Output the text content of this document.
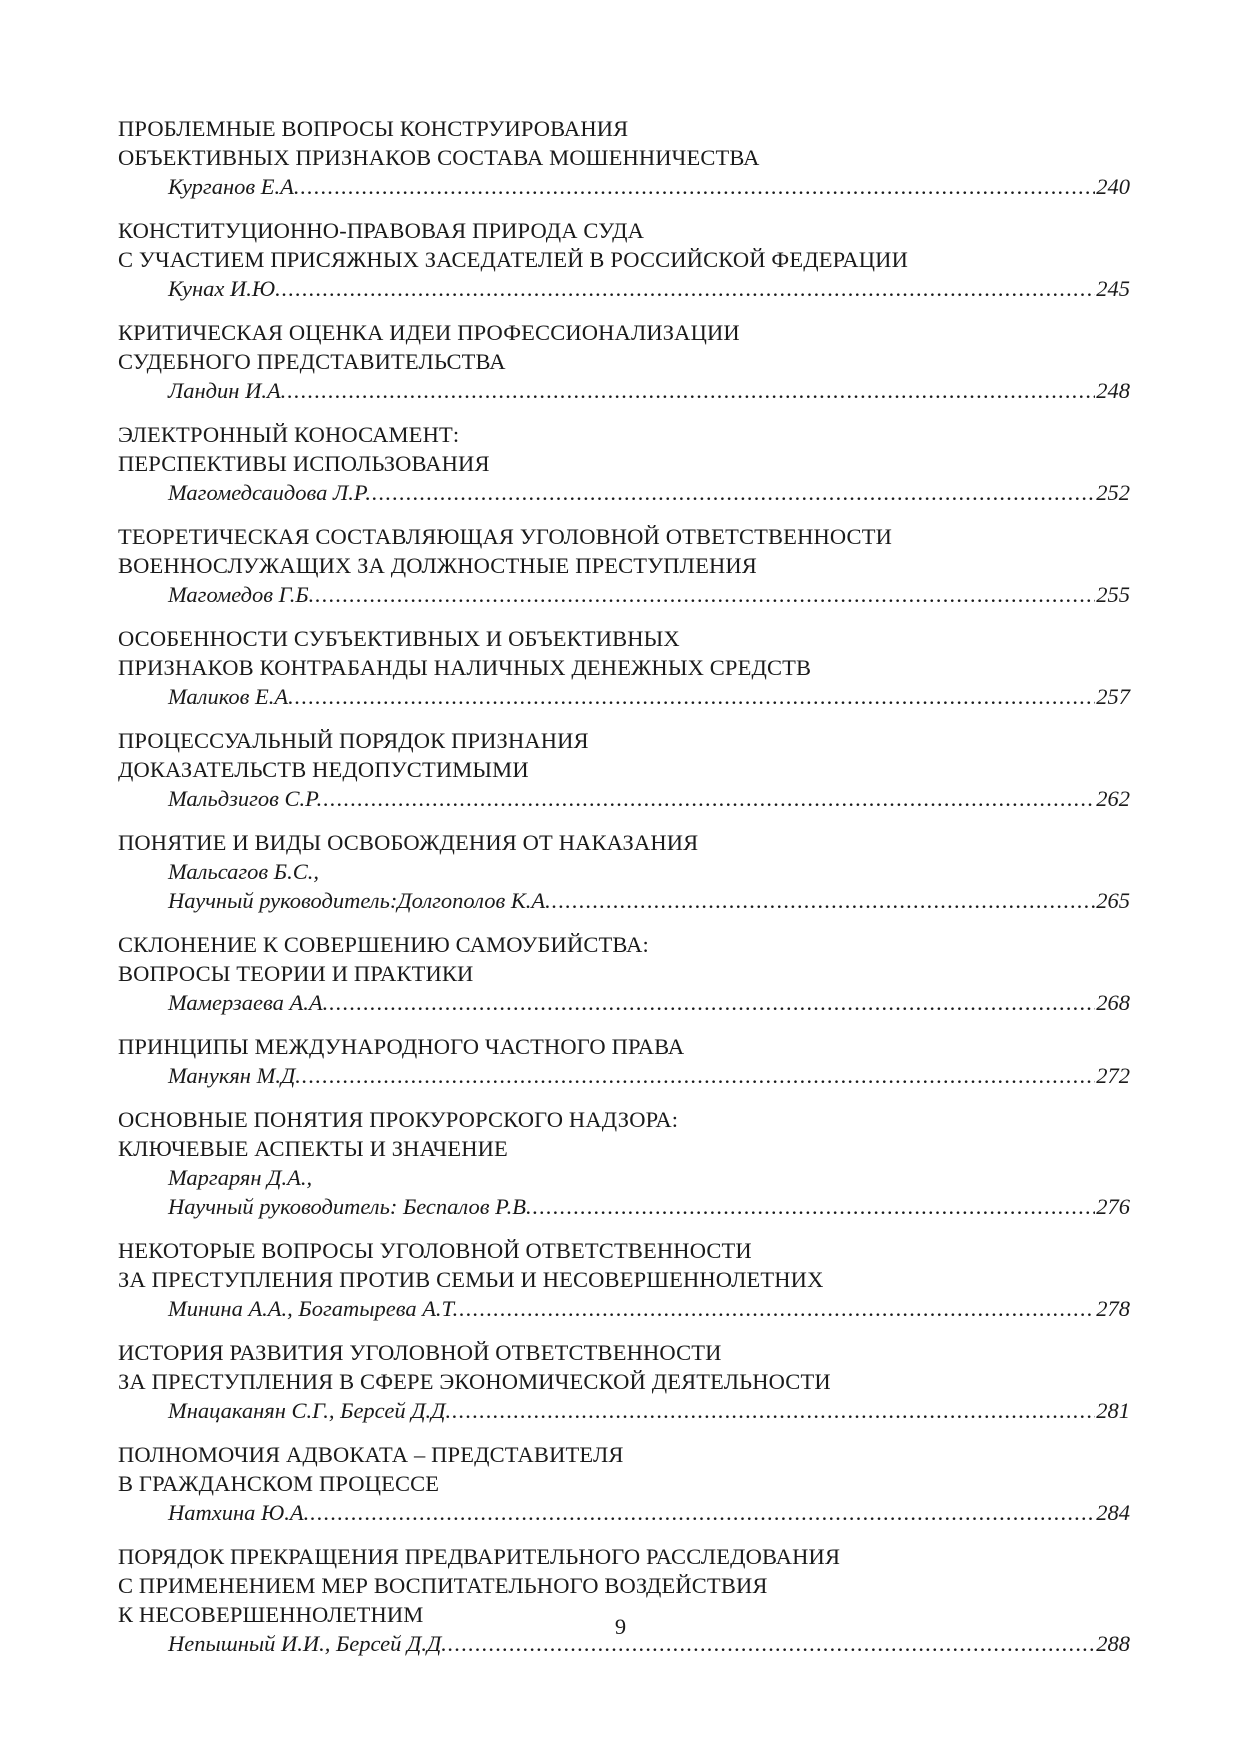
ПРОБЛЕМНЫЕ ВОПРОСЫ КОНСТРУИРОВАНИЯ
ОБЪЕКТИВНЫХ ПРИЗНАКОВ СОСТАВА МОШЕННИЧЕСТВА
Курганов Е.А. .....	240
КОНСТИТУЦИОННО-ПРАВОВАЯ ПРИРОДА СУДА
С УЧАСТИЕМ ПРИСЯЖНЫХ ЗАСЕДАТЕЛЕЙ В РОССИЙСКОЙ ФЕДЕРАЦИИ
Кунах И.Ю. .....	245
КРИТИЧЕСКАЯ ОЦЕНКА ИДЕИ ПРОФЕССИОНАЛИЗАЦИИ
СУДЕБНОГО ПРЕДСТАВИТЕЛЬСТВА
Ландин И.А. .....	248
ЭЛЕКТРОННЫЙ КОНОСАМЕНТ:
ПЕРСПЕКТИВЫ ИСПОЛЬЗОВАНИЯ
Магомедсаидова Л.Р. .....	252
ТЕОРЕТИЧЕСКАЯ СОСТАВЛЯЮЩАЯ УГОЛОВНОЙ ОТВЕТСТВЕННОСТИ
ВОЕННОСЛУЖАЩИХ ЗА ДОЛЖНОСТНЫЕ ПРЕСТУПЛЕНИЯ
Магомедов Г.Б. .....	255
ОСОБЕННОСТИ СУБЪЕКТИВНЫХ И ОБЪЕКТИВНЫХ
ПРИЗНАКОВ КОНТРАБАНДЫ НАЛИЧНЫХ ДЕНЕЖНЫХ СРЕДСТВ
Маликов Е.А. .....	257
ПРОЦЕССУАЛЬНЫЙ ПОРЯДОК ПРИЗНАНИЯ
ДОКАЗАТЕЛЬСТВ НЕДОПУСТИМЫМИ
Мальдзигов С.Р. .....	262
ПОНЯТИЕ И ВИДЫ ОСВОБОЖДЕНИЯ ОТ НАКАЗАНИЯ
Мальсагов Б.С.,
Научный руководитель:Долгополов К.А. .....	265
СКЛОНЕНИЕ К СОВЕРШЕНИЮ САМОУБИЙСТВА:
ВОПРОСЫ ТЕОРИИ И ПРАКТИКИ
Мамерзаева А.А. .....	268
ПРИНЦИПЫ МЕЖДУНАРОДНОГО ЧАСТНОГО ПРАВА
Манукян М.Д. .....	272
ОСНОВНЫЕ ПОНЯТИЯ ПРОКУРОРСКОГО НАДЗОРА:
КЛЮЧЕВЫЕ АСПЕКТЫ И ЗНАЧЕНИЕ
Маргарян Д.А.,
Научный руководитель: Беспалов Р.В. .....	276
НЕКОТОРЫЕ ВОПРОСЫ УГОЛОВНОЙ ОТВЕТСТВЕННОСТИ
ЗА ПРЕСТУПЛЕНИЯ ПРОТИВ СЕМЬИ И НЕСОВЕРШЕННОЛЕТНИХ
Минина А.А., Богатырева А.Т. .....	278
ИСТОРИЯ РАЗВИТИЯ УГОЛОВНОЙ ОТВЕТСТВЕННОСТИ
ЗА ПРЕСТУПЛЕНИЯ В СФЕРЕ ЭКОНОМИЧЕСКОЙ ДЕЯТЕЛЬНОСТИ
Мнацаканян С.Г., Берсей Д.Д. .....	281
ПОЛНОМОЧИЯ АДВОКАТА – ПРЕДСТАВИТЕЛЯ
В ГРАЖДАНСКОМ ПРОЦЕССЕ
Натхина Ю.А. .....	284
ПОРЯДОК ПРЕКРАЩЕНИЯ ПРЕДВАРИТЕЛЬНОГО РАССЛЕДОВАНИЯ
С ПРИМЕНЕНИЕМ МЕР ВОСПИТАТЕЛЬНОГО ВОЗДЕЙСТВИЯ
К НЕСОВЕРШЕННОЛЕТНИМ
Непышный И.И., Берсей Д.Д. .....	288
9
